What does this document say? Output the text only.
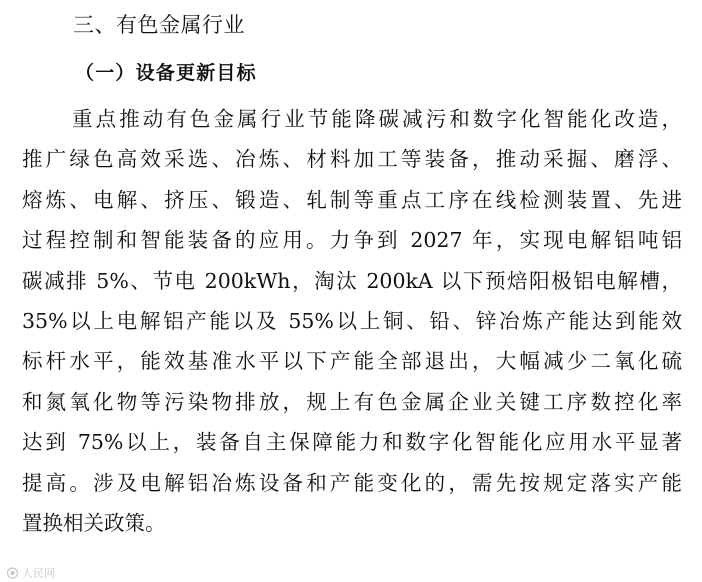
三、有色金属行业
（一）设备更新目标
重点推动有色金属行业节能降碳减污和数字化智能化改造，
推广绿色高效采选、冶炼、材料加工等装备，推动采掘、磨浮、
熔炼、电解、挤压、锻造、轧制等重点工序在线检测装置、先进
过程控制和智能装备的应用。力争到 2027 年，实现电解铝吨铝
碳减排 5%、节电 200kWh，淘汰 200kA 以下预焙阳极铝电解槽，
35%以上电解铝产能以及 55%以上铜、铅、锌冶炼产能达到能效
标杆水平，能效基准水平以下产能全部退出，大幅减少二氧化硫
和氮氧化物等污染物排放，规上有色金属企业关键工序数控化率
达到 75%以上，装备自主保障能力和数字化智能化应用水平显著
提高。涉及电解铝冶炼设备和产能变化的，需先按规定落实产能
置换相关政策。
人民网
